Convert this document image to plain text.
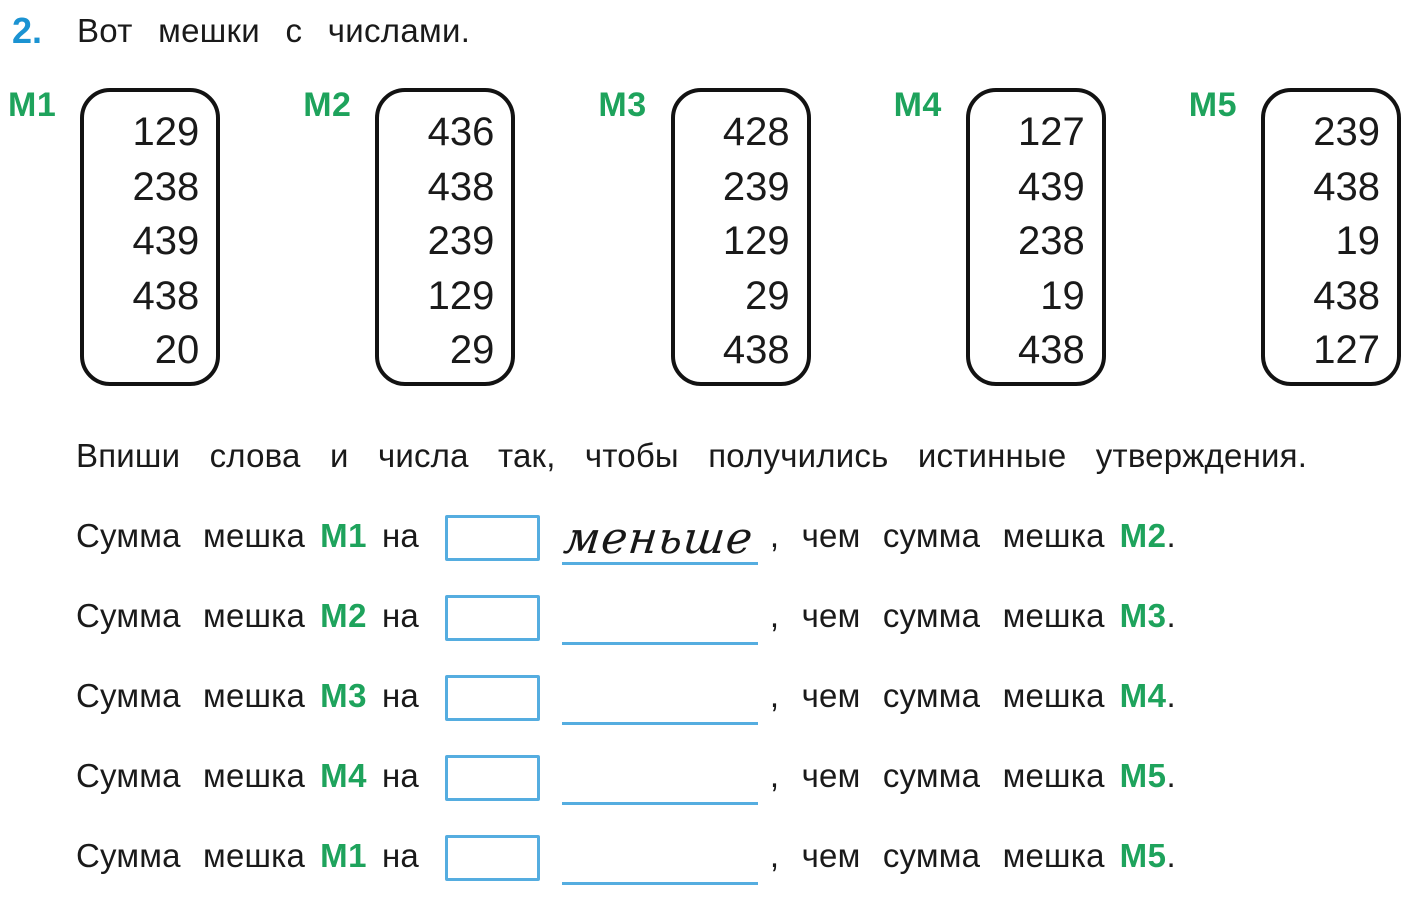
2. Вот мешки с числами.
М1
129
238
439
438
20
М2
436
438
239
129
29
М3
428
239
129
29
438
М4
127
439
238
19
438
М5
239
438
19
438
127
Впиши слова и числа так, чтобы получились истинные утверждения.
Сумма мешка М1 на	меньше , чем сумма мешка М2 .
Сумма мешка М2 на	, чем сумма мешка М3 .
Сумма мешка М3 на	, чем сумма мешка М4 .
Сумма мешка М4 на	, чем сумма мешка М5 .
Сумма мешка М1 на	, чем сумма мешка М5 .
